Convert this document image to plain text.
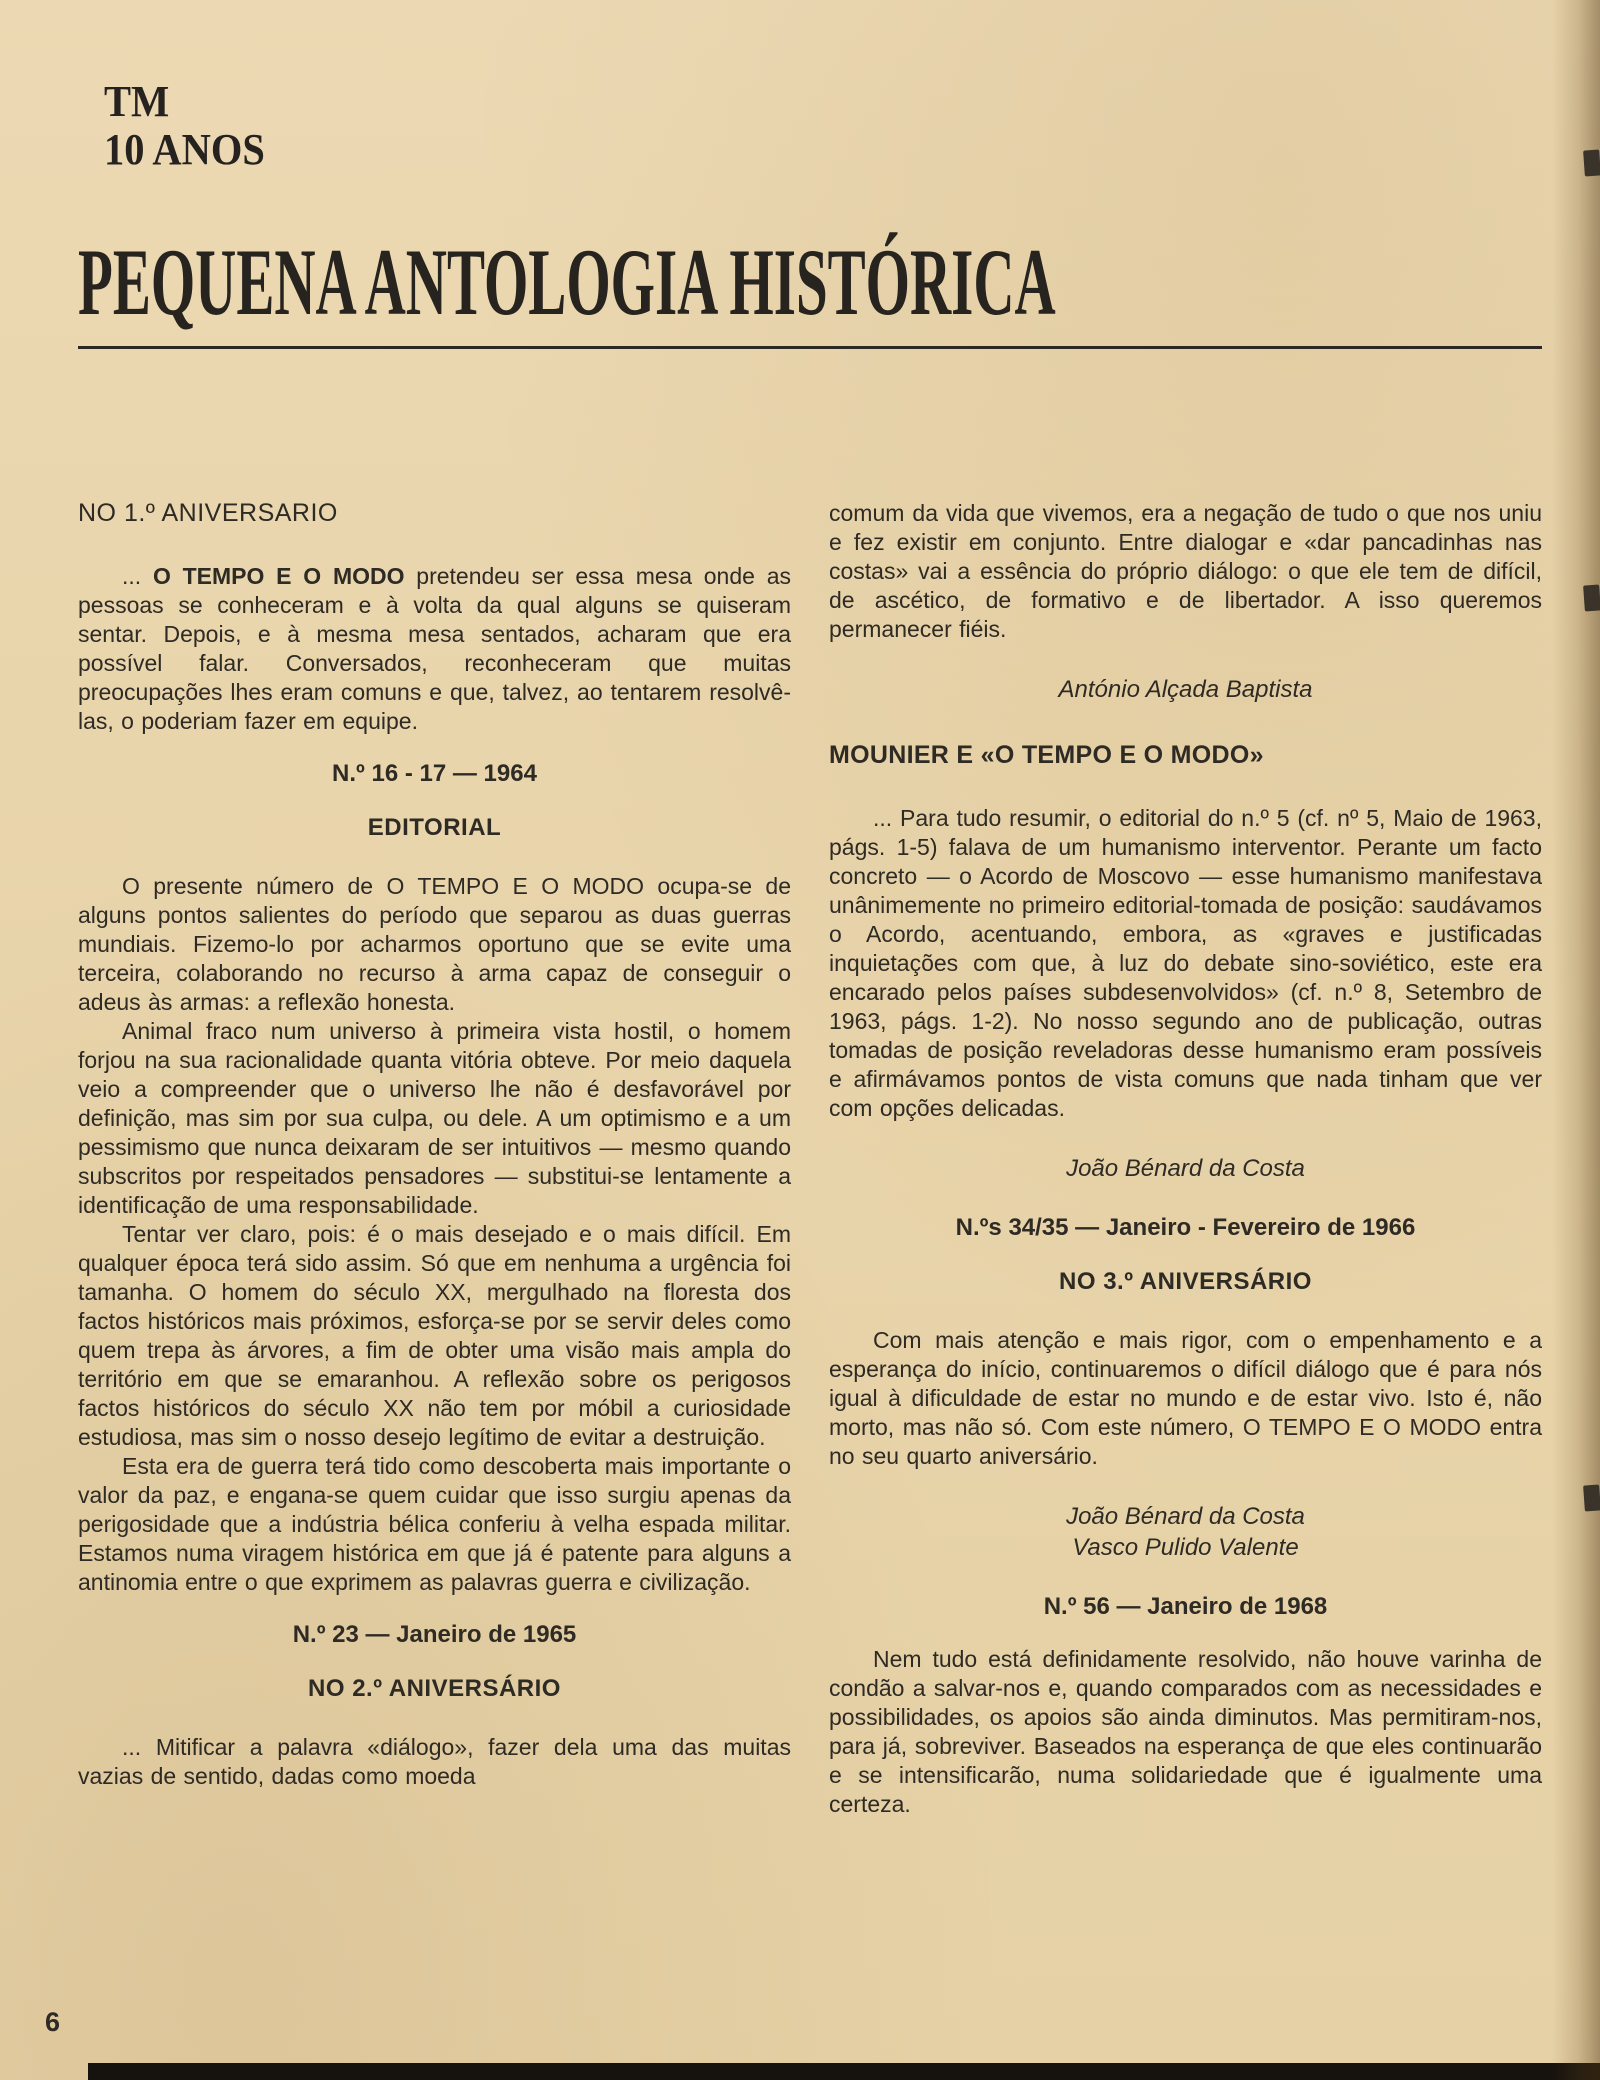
TM
10 ANOS
PEQUENA ANTOLOGIA HISTÓRICA
NO 1.º ANIVERSARIO

... O TEMPO E O MODO pretendeu ser essa mesa onde as pessoas se conheceram e à volta da qual alguns se quiseram sentar. Depois, e à mesma mesa sentados, acharam que era possível falar. Conversados, reconheceram que muitas preocupações lhes eram comuns e que, talvez, ao tentarem resolvê-las, o poderiam fazer em equipe.

N.º 16 - 17 — 1964
EDITORIAL

O presente número de O TEMPO E O MODO ocupa-se de alguns pontos salientes do período que separou as duas guerras mundiais. Fizemo-lo por acharmos oportuno que se evite uma terceira, colaborando no recurso à arma capaz de conseguir o adeus às armas: a reflexão honesta.

Animal fraco num universo à primeira vista hostil, o homem forjou na sua racionalidade quanta vitória obteve. Por meio daquela veio a compreender que o universo lhe não é desfavorável por definição, mas sim por sua culpa, ou dele. A um optimismo e a um pessimismo que nunca deixaram de ser intuitivos — mesmo quando subscritos por respeitados pensadores — substitui-se lentamente a identificação de uma responsabilidade.

Tentar ver claro, pois: é o mais desejado e o mais difícil. Em qualquer época terá sido assim. Só que em nenhuma a urgência foi tamanha. O homem do século XX, mergulhado na floresta dos factos históricos mais próximos, esforça-se por se servir deles como quem trepa às árvores, a fim de obter uma visão mais ampla do território em que se emaranhou. A reflexão sobre os perigosos factos históricos do século XX não tem por móbil a curiosidade estudiosa, mas sim o nosso desejo legítimo de evitar a destruição.

Esta era de guerra terá tido como descoberta mais importante o valor da paz, e engana-se quem cuidar que isso surgiu apenas da perigosidade que a indústria bélica conferiu à velha espada militar. Estamos numa viragem histórica em que já é patente para alguns a antinomia entre o que exprimem as palavras guerra e civilização.

N.º 23 — Janeiro de 1965
NO 2.º ANIVERSÁRIO

... Mitificar a palavra «diálogo», fazer dela uma das muitas vazias de sentido, dadas como moeda

comum da vida que vivemos, era a negação de tudo o que nos uniu e fez existir em conjunto. Entre dialogar e «dar pancadinhas nas costas» vai a essência do próprio diálogo: o que ele tem de difícil, de ascético, de formativo e de libertador. A isso queremos permanecer fiéis.

António Alçada Baptista
MOUNIER E «O TEMPO E O MODO»

... Para tudo resumir, o editorial do n.º 5 (cf. nº 5, Maio de 1963, págs. 1-5) falava de um humanismo interventor. Perante um facto concreto — o Acordo de Moscovo — esse humanismo manifestava unânimemente no primeiro editorial-tomada de posição: saudávamos o Acordo, acentuando, embora, as «graves e justificadas inquietações com que, à luz do debate sino-soviético, este era encarado pelos países subdesenvolvidos» (cf. n.º 8, Setembro de 1963, págs. 1-2). No nosso segundo ano de publicação, outras tomadas de posição reveladoras desse humanismo eram possíveis e afirmávamos pontos de vista comuns que nada tinham que ver com opções delicadas.

João Bénard da Costa
N.ºs 34/35 — Janeiro - Fevereiro de 1966
NO 3.º ANIVERSÁRIO

Com mais atenção e mais rigor, com o empenhamento e a esperança do início, continuaremos o difícil diálogo que é para nós igual à dificuldade de estar no mundo e de estar vivo. Isto é, não morto, mas não só. Com este número, O TEMPO E O MODO entra no seu quarto aniversário.

João Bénard da Costa
Vasco Pulido Valente
N.º 56 — Janeiro de 1968

Nem tudo está definidamente resolvido, não houve varinha de condão a salvar-nos e, quando comparados com as necessidades e possibilidades, os apoios são ainda diminutos. Mas permitiram-nos, para já, sobreviver. Baseados na esperança de que eles continuarão e se intensificarão, numa solidariedade que é igualmente uma certeza.

6
